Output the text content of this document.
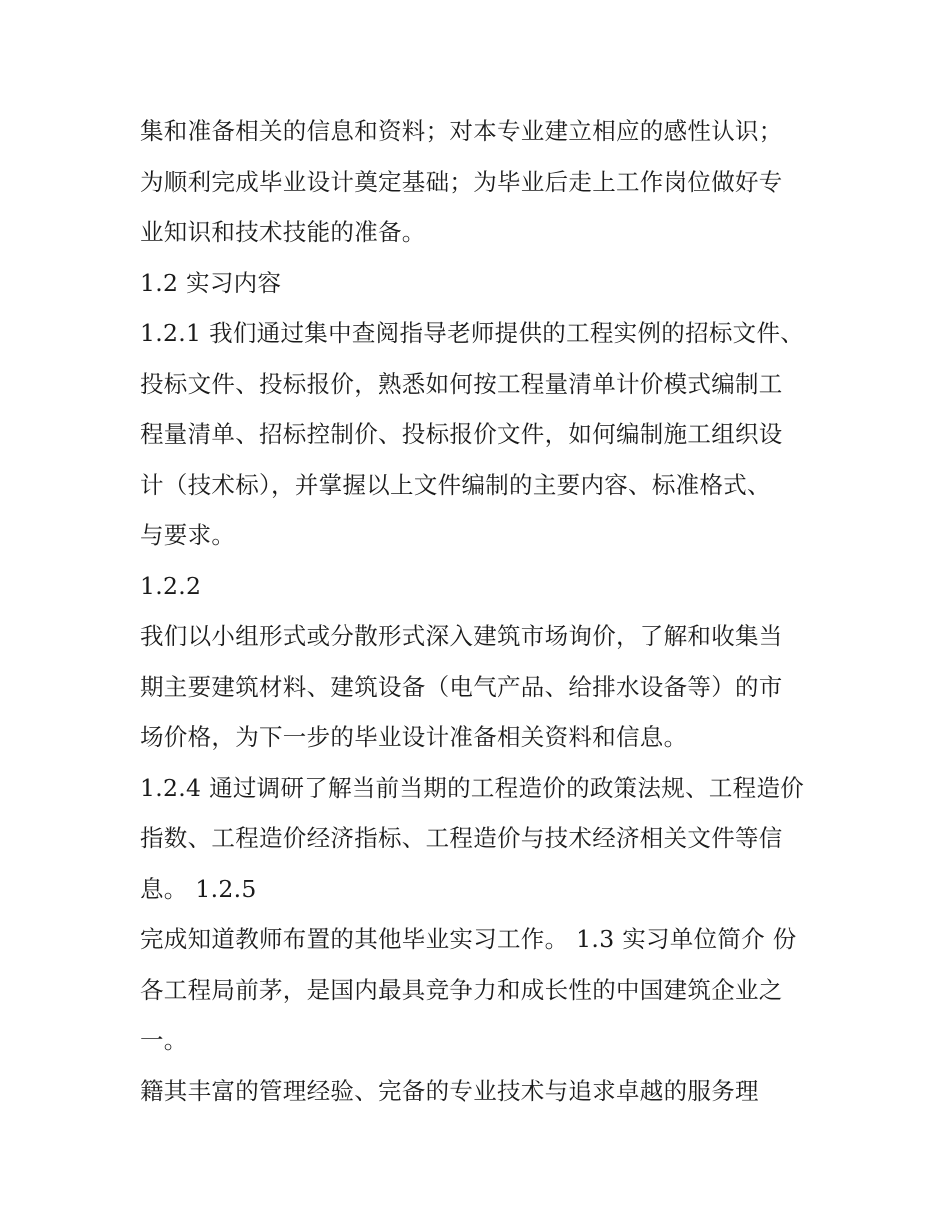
集和准备相关的信息和资料；对本专业建立相应的感性认识；
为顺利完成毕业设计奠定基础；为毕业后走上工作岗位做好专
业知识和技术技能的准备。
1.2 实习内容
1.2.1 我们通过集中查阅指导老师提供的工程实例的招标文件、
投标文件、投标报价，熟悉如何按工程量清单计价模式编制工
程量清单、招标控制价、投标报价文件，如何编制施工组织设
计（技术标），并掌握以上文件编制的主要内容、标准格式、
与要求。
1.2.2
我们以小组形式或分散形式深入建筑市场询价，了解和收集当
期主要建筑材料、建筑设备（电气产品、给排水设备等）的市
场价格，为下一步的毕业设计准备相关资料和信息。
1.2.4 通过调研了解当前当期的工程造价的政策法规、工程造价
指数、工程造价经济指标、工程造价与技术经济相关文件等信
息。 1.2.5
完成知道教师布置的其他毕业实习工作。 1.3 实习单位简介 份
各工程局前茅，是国内最具竞争力和成长性的中国建筑企业之
一。
籍其丰富的管理经验、完备的专业技术与追求卓越的服务理
